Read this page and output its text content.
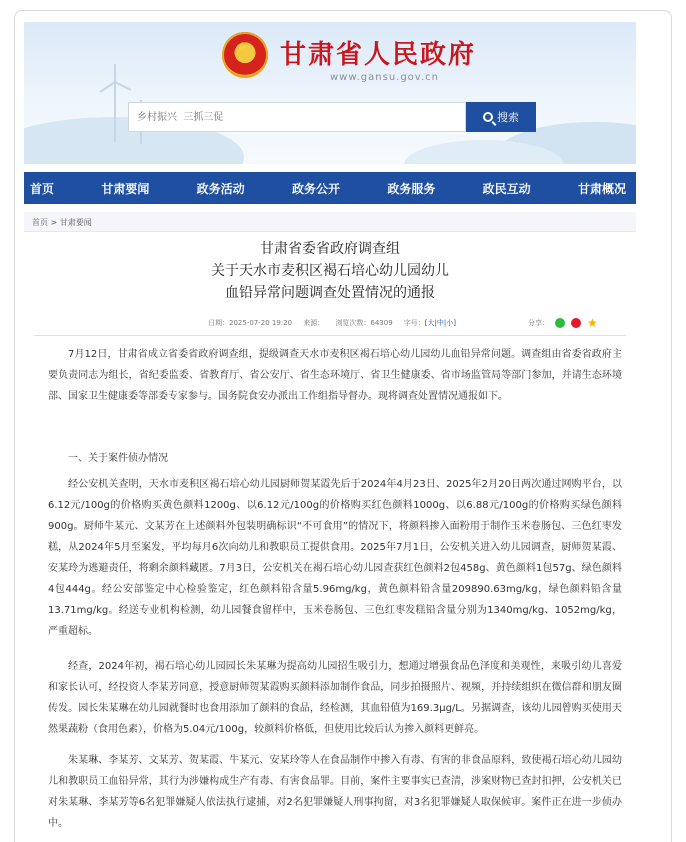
★ 甘肃省人民政府
www.gansu.gov.cn
乡村振兴 三抓三促
搜索
首页	甘肃要闻	政务活动	政务公开	政务服务	政民互动	甘肃概况
首页 > 甘肃要闻
甘肃省委省政府调查组
关于天水市麦积区褐石培心幼儿园幼儿
血铅异常问题调查处置情况的通报
日期：2025-07-20 19:20 来源： 浏览次数：64309 字号：[大|中|小]	分享：	★
7月12日，甘肃省成立省委省政府调查组，提级调查天水市麦积区褐石培心幼儿园幼儿血铅异常问题。调查组由省委省政府主要负责同志为组长，省纪委监委、省教育厅、省公安厅、省生态环境厅、省卫生健康委、省市场监管局等部门参加，并请生态环境部、国家卫生健康委等部委专家参与。国务院食安办派出工作组指导督办。现将调查处置情况通报如下。
一、关于案件侦办情况
经公安机关查明，天水市麦积区褐石培心幼儿园厨师贺某霞先后于2024年4月23日、2025年2月20日两次通过网购平台，以6.12元/100g的价格购买黄色颜料1200g、以6.12元/100g的价格购买红色颜料1000g、以6.88元/100g的价格购买绿色颜料900g。厨师牛某元、文某芳在上述颜料外包装明确标识“不可食用”的情况下，将颜料掺入面粉用于制作玉米卷肠包、三色红枣发糕，从2024年5月至案发，平均每月6次向幼儿和教职员工提供食用。2025年7月1日，公安机关进入幼儿园调查，厨师贺某霞、安某玲为逃避责任，将剩余颜料藏匿。7月3日，公安机关在褐石培心幼儿园查获红色颜料2包458g、黄色颜料1包57g、绿色颜料4包444g。经公安部鉴定中心检验鉴定，红色颜料铅含量5.96mg/kg，黄色颜料铅含量209890.63mg/kg，绿色颜料铅含量13.71mg/kg。经送专业机构检测，幼儿园餐食留样中，玉米卷肠包、三色红枣发糕铅含量分别为1340mg/kg、1052mg/kg，严重超标。
经查，2024年初，褐石培心幼儿园园长朱某琳为提高幼儿园招生吸引力，想通过增强食品色泽度和美观性，来吸引幼儿喜爱和家长认可，经投资人李某芳同意，授意厨师贺某霞购买颜料添加制作食品，同步拍摄照片、视频，并持续组织在微信群和朋友圈传发。园长朱某琳在幼儿园就餐时也食用添加了颜料的食品，经检测，其血铅值为169.3μg/L。另据调查，该幼儿园曾购买使用天然果蔬粉（食用色素），价格为5.04元/100g，较颜料价格低，但使用比较后认为掺入颜料更鲜亮。
朱某琳、李某芳、文某芳、贺某霞、牛某元、安某玲等人在食品制作中掺入有毒、有害的非食品原料，致使褐石培心幼儿园幼儿和教职员工血铅异常，其行为涉嫌构成生产有毒、有害食品罪。目前，案件主要事实已查清，涉案财物已查封扣押，公安机关已对朱某琳、李某芳等6名犯罪嫌疑人依法执行逮捕，对2名犯罪嫌疑人刑事拘留，对3名犯罪嫌疑人取保候审。案件正在进一步侦办中。
